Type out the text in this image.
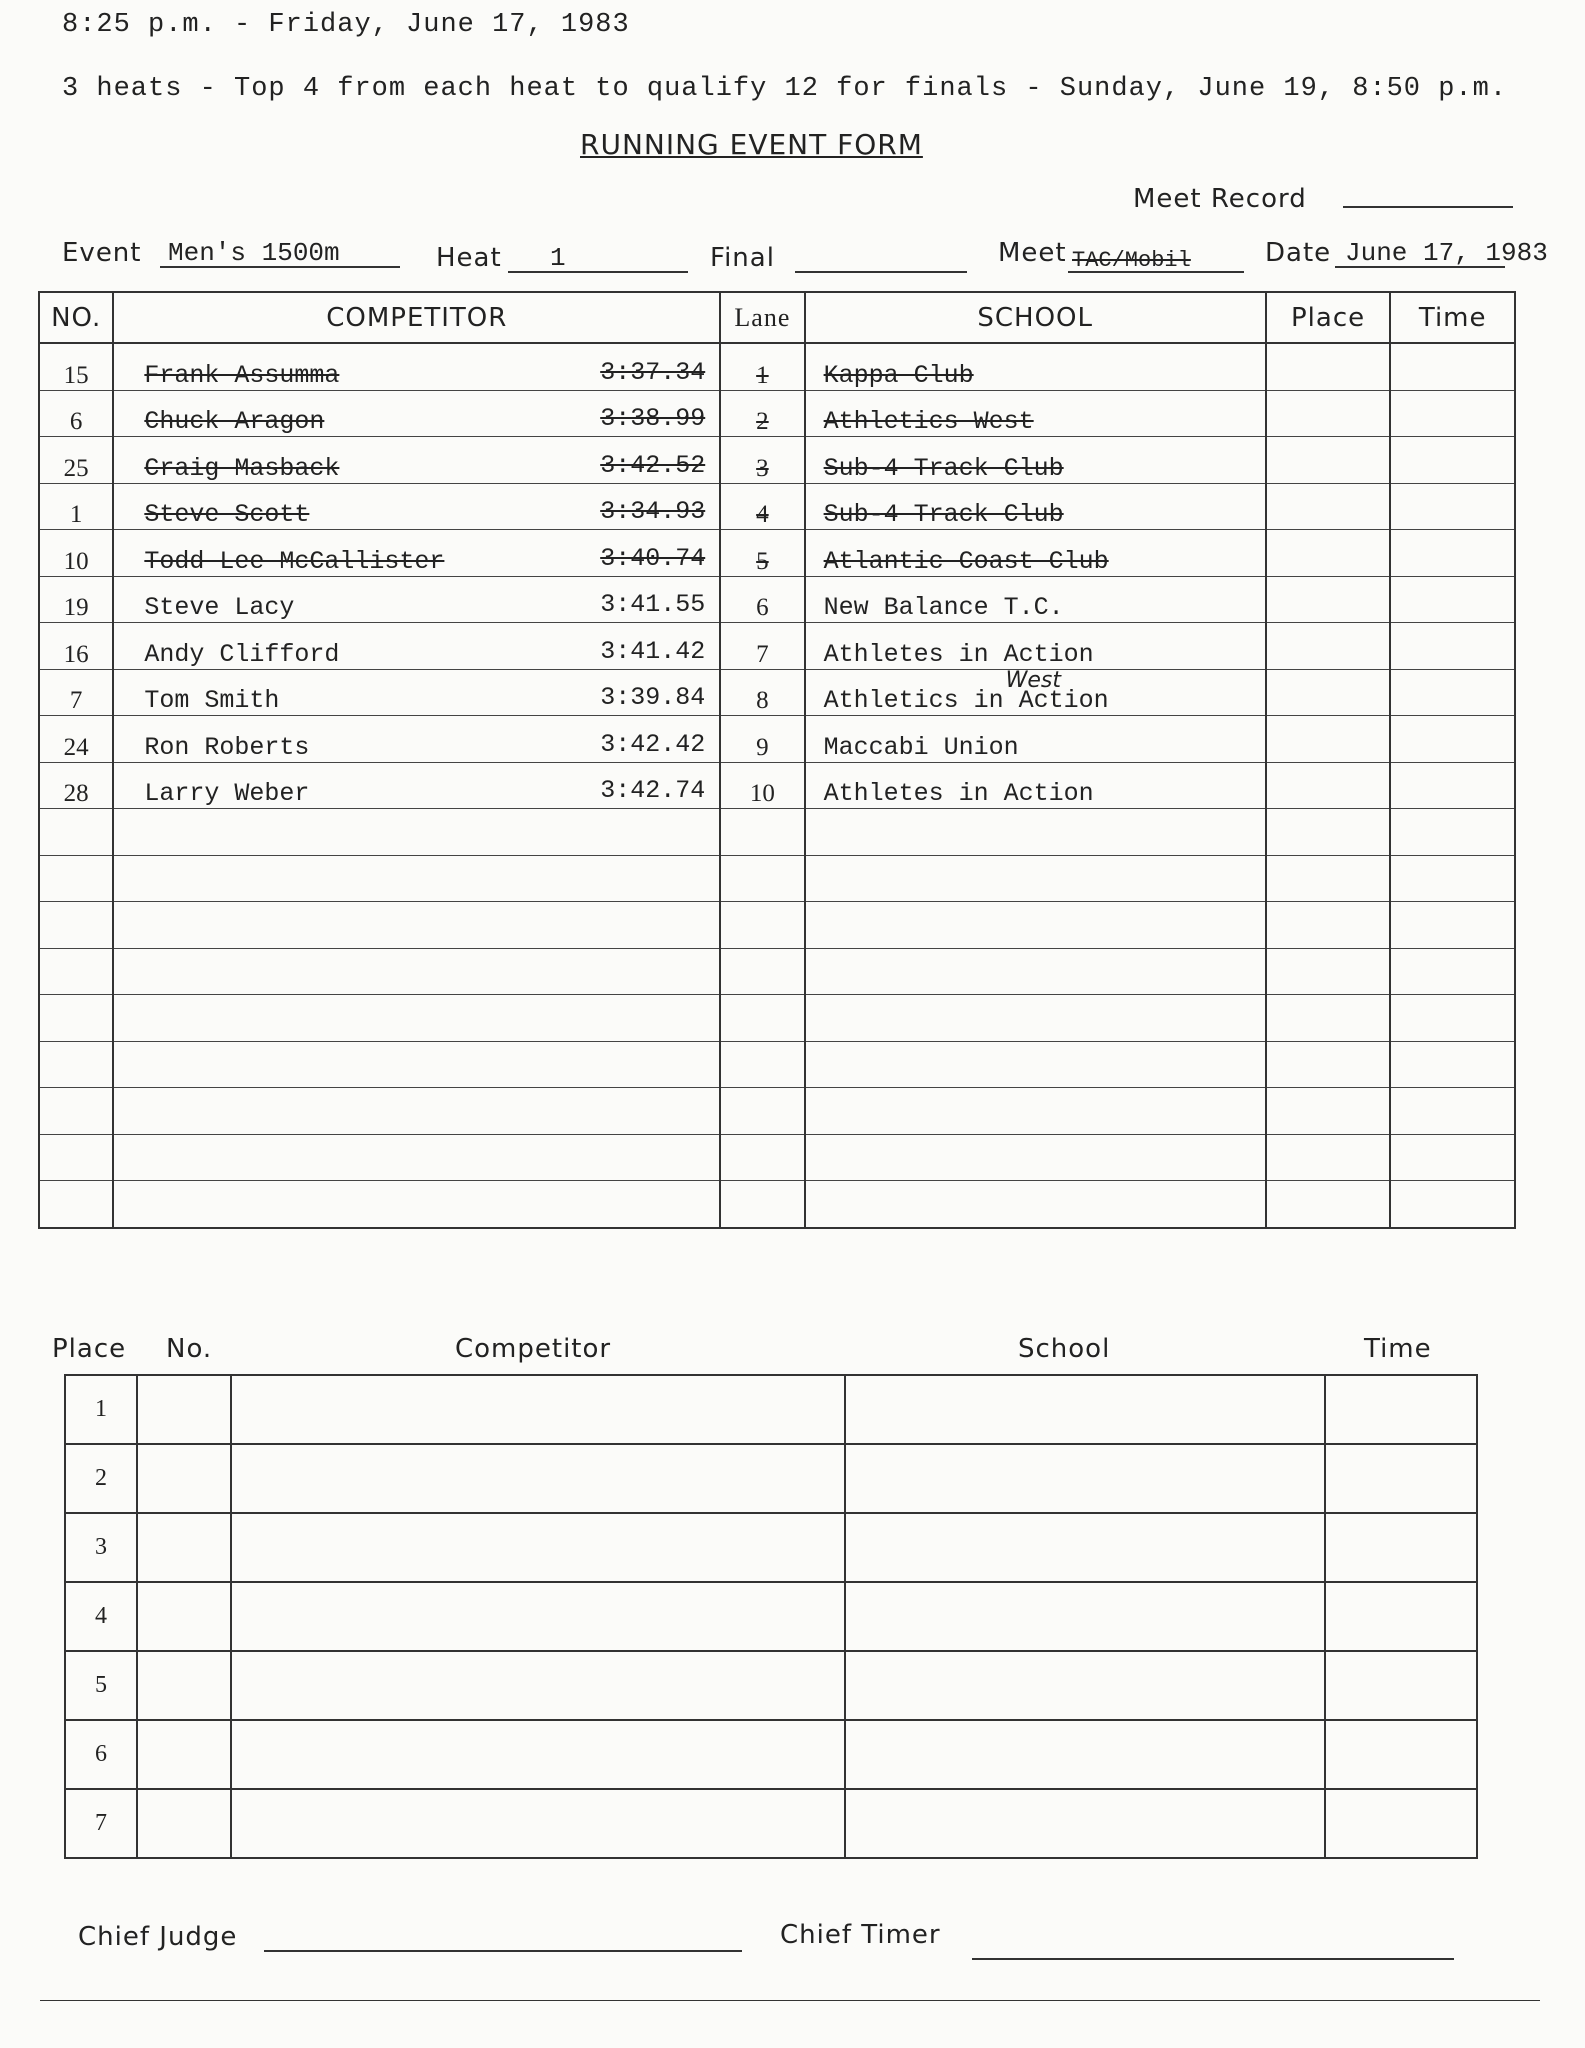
8:25 p.m. - Friday, June 17, 1983
3 heats - Top 4 from each heat to qualify 12 for finals - Sunday, June 19, 8:50 p.m.
RUNNING EVENT FORM
Meet Record
Event Men's 1500m	Heat 1	Final	Meet TAC/Mobil	Date June 17, 1983
NO.	COMPETITOR	Lane	SCHOOL	Place	Time
15	Frank Assumma 3:37.34	1	Kappa Club		
6	Chuck Aragon 3:38.99	2	Athletics West		
25	Craig Masback 3:42.52	3	Sub-4 Track Club		
1	Steve Scott 3:34.93	4	Sub-4 Track Club		
10	Todd Lee McCallister 3:40.74	5	Atlantic Coast Club		
19	Steve Lacy 3:41.55	6	New Balance T.C.		
16	Andy Clifford 3:41.42	7	Athletes in Action		
7	Tom Smith 3:39.84	8	Athletics in Action
West		

24	Ron Roberts 3:42.42	9	Maccabi Union		
28	Larry Weber 3:42.74	10	Athletes in Action		

Place No.	Competitor	School	Time
1				
2				
3				
4				
5				
6				
7				
Chief Judge	Chief Timer
